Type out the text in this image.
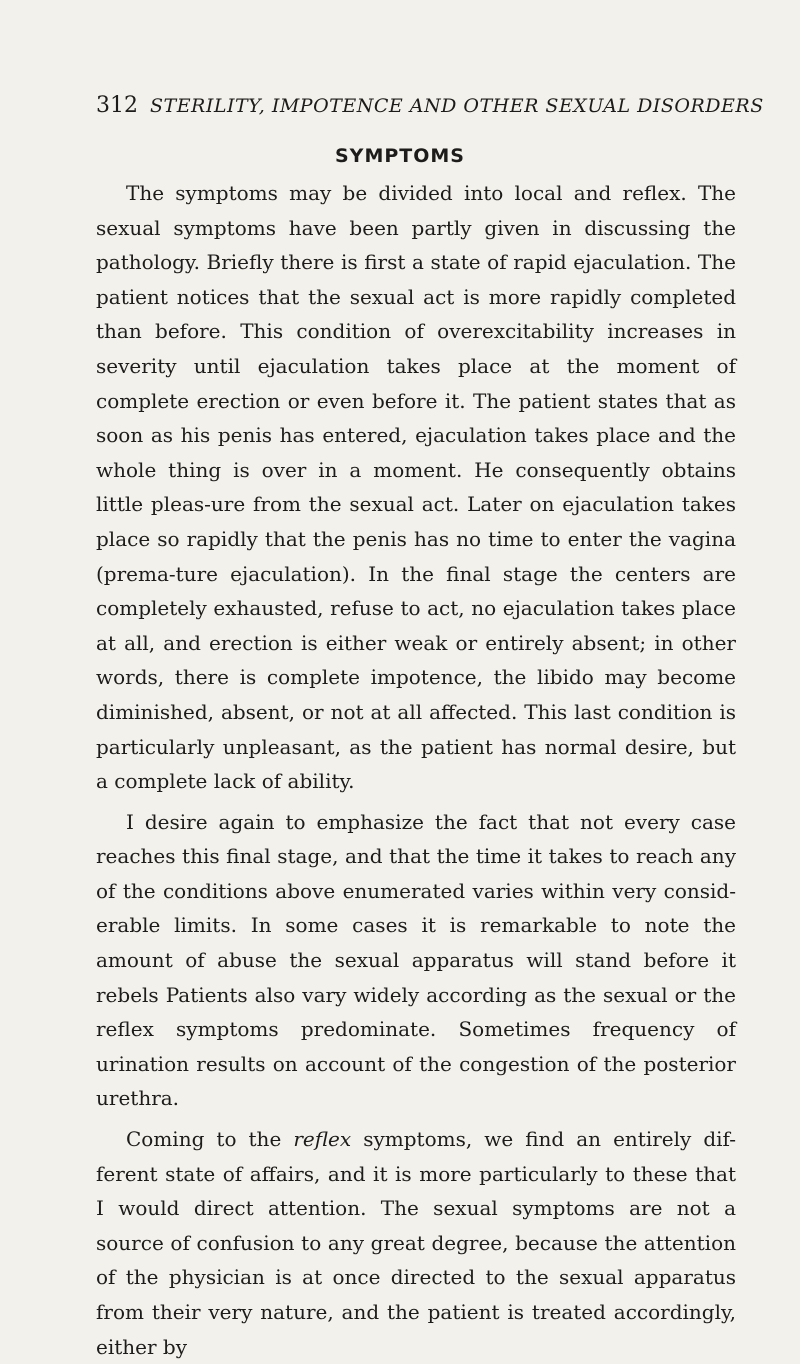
312 STERILITY, IMPOTENCE AND OTHER SEXUAL DISORDERS
SYMPTOMS

The symptoms may be divided into local and reflex. The sexual symptoms have been partly given in discussing the pathology. Briefly there is first a state of rapid ejaculation. The patient notices that the sexual act is more rapidly completed than before. This condition of overexcitability increases in severity until ejaculation takes place at the moment of complete erection or even before it. The patient states that as soon as his penis has entered, ejaculation takes place and the whole thing is over in a moment. He consequently obtains little pleas-ure from the sexual act. Later on ejaculation takes place so rapidly that the penis has no time to enter the vagina (prema-ture ejaculation). In the final stage the centers are completely exhausted, refuse to act, no ejaculation takes place at all, and erection is either weak or entirely absent; in other words, there is complete impotence, the libido may become diminished, absent, or not at all affected. This last condition is particularly unpleasant, as the patient has normal desire, but a complete lack of ability.

I desire again to emphasize the fact that not every case reaches this final stage, and that the time it takes to reach any of the conditions above enumerated varies within very consid-erable limits. In some cases it is remarkable to note the amount of abuse the sexual apparatus will stand before it rebels Patients also vary widely according as the sexual or the reflex symptoms predominate. Sometimes frequency of urination results on account of the congestion of the posterior urethra.

Coming to the reflex symptoms, we find an entirely dif-ferent state of affairs, and it is more particularly to these that I would direct attention. The sexual symptoms are not a source of confusion to any great degree, because the attention of the physician is at once directed to the sexual apparatus from their very nature, and the patient is treated accordingly, either by
